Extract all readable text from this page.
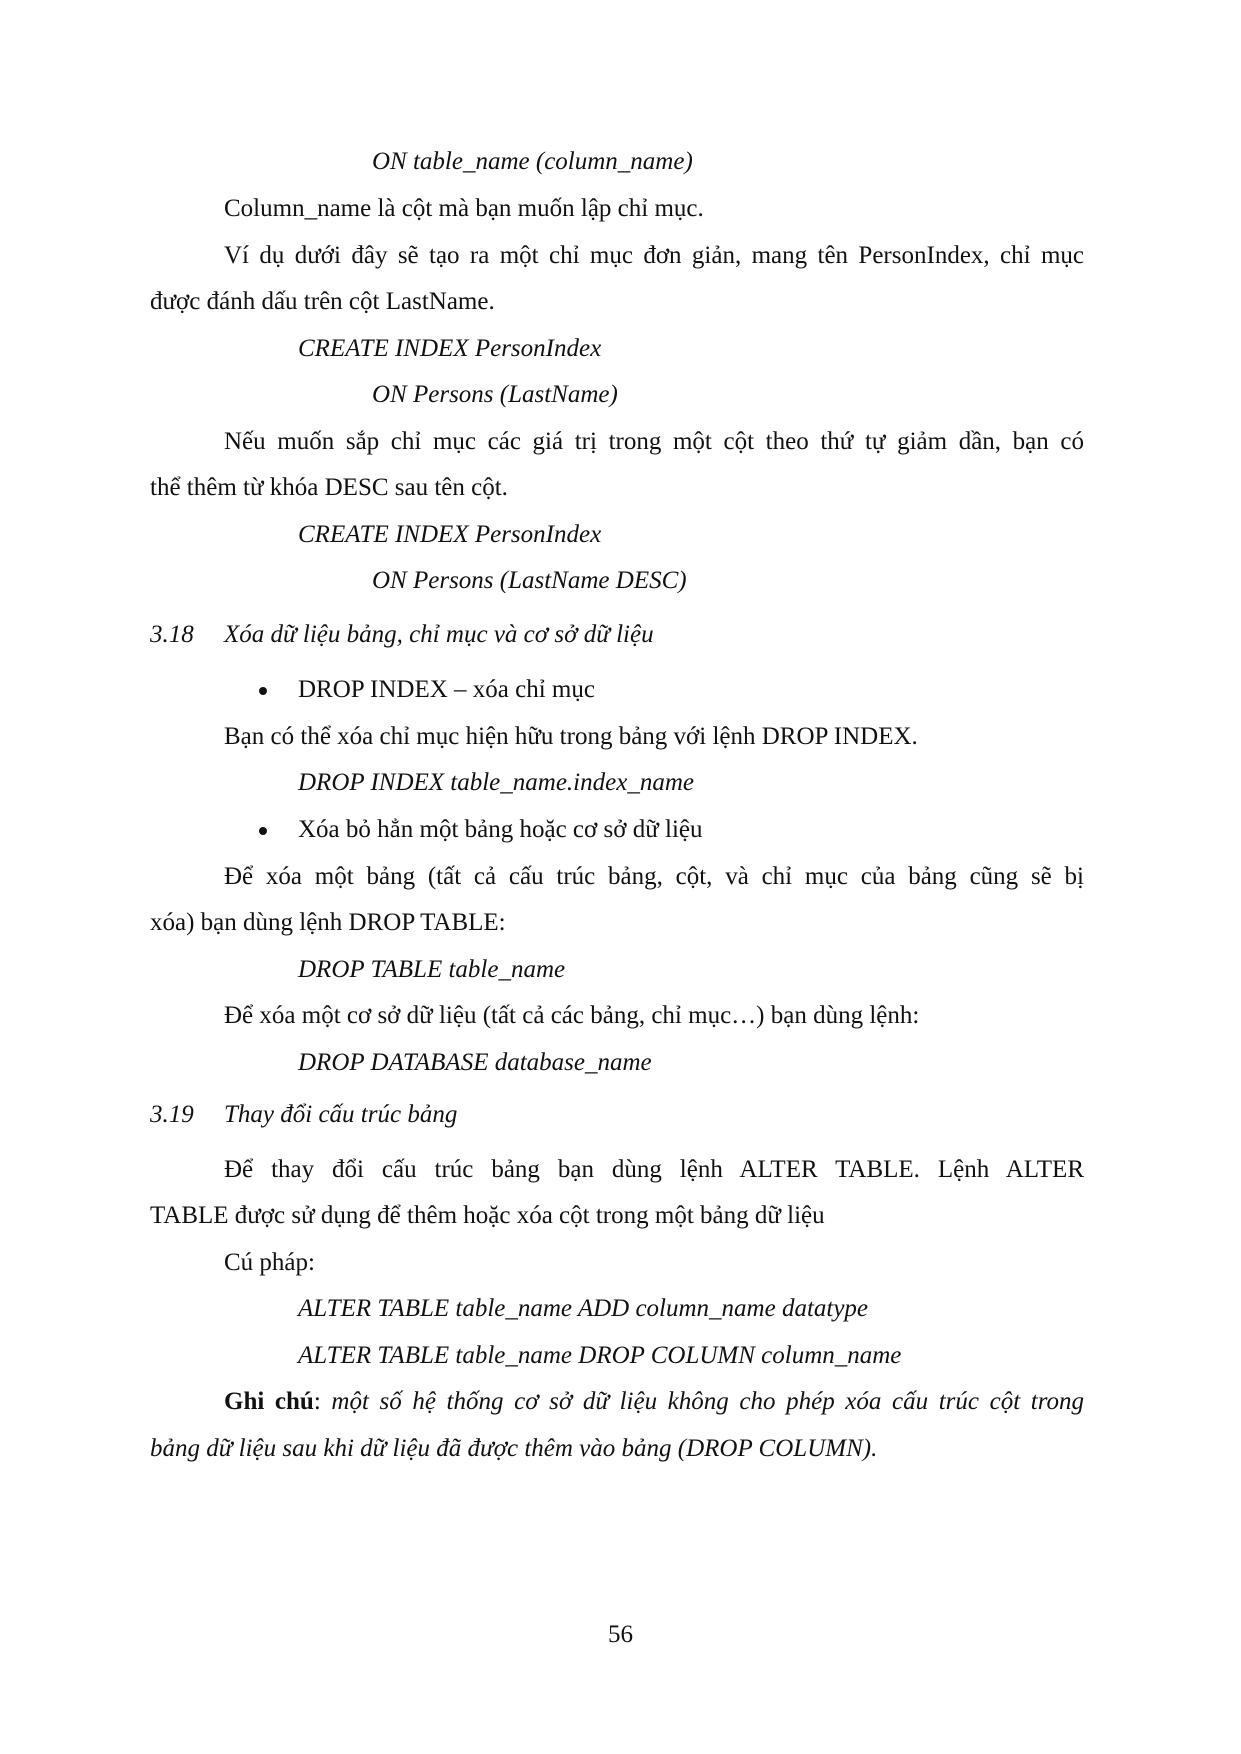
ON table_name (column_name)

Column_name là cột mà bạn muốn lập chỉ mục.

Ví dụ dưới đây sẽ tạo ra một chỉ mục đơn giản, mang tên PersonIndex, chỉ mục

được đánh dấu trên cột LastName.

CREATE INDEX PersonIndex

ON Persons (LastName)

Nếu muốn sắp chỉ mục các giá trị trong một cột theo thứ tự giảm dần, bạn có

thể thêm từ khóa DESC sau tên cột.

CREATE INDEX PersonIndex

ON Persons (LastName DESC)

3.18 Xóa dữ liệu bảng, chỉ mục và cơ sở dữ liệu

DROP INDEX – xóa chỉ mục

Bạn có thể xóa chỉ mục hiện hữu trong bảng với lệnh DROP INDEX.

DROP INDEX table_name.index_name

Xóa bỏ hẳn một bảng hoặc cơ sở dữ liệu

Để xóa một bảng (tất cả cấu trúc bảng, cột, và chỉ mục của bảng cũng sẽ bị

xóa) bạn dùng lệnh DROP TABLE:

DROP TABLE table_name

Để xóa một cơ sở dữ liệu (tất cả các bảng, chỉ mục…) bạn dùng lệnh:

DROP DATABASE database_name

3.19 Thay đổi cấu trúc bảng

Để thay đổi cấu trúc bảng bạn dùng lệnh ALTER TABLE. Lệnh ALTER

TABLE được sử dụng để thêm hoặc xóa cột trong một bảng dữ liệu

Cú pháp:

ALTER TABLE table_name ADD column_name datatype

ALTER TABLE table_name DROP COLUMN column_name

Ghi chú: một số hệ thống cơ sở dữ liệu không cho phép xóa cấu trúc cột trong

bảng dữ liệu sau khi dữ liệu đã được thêm vào bảng (DROP COLUMN).

56
